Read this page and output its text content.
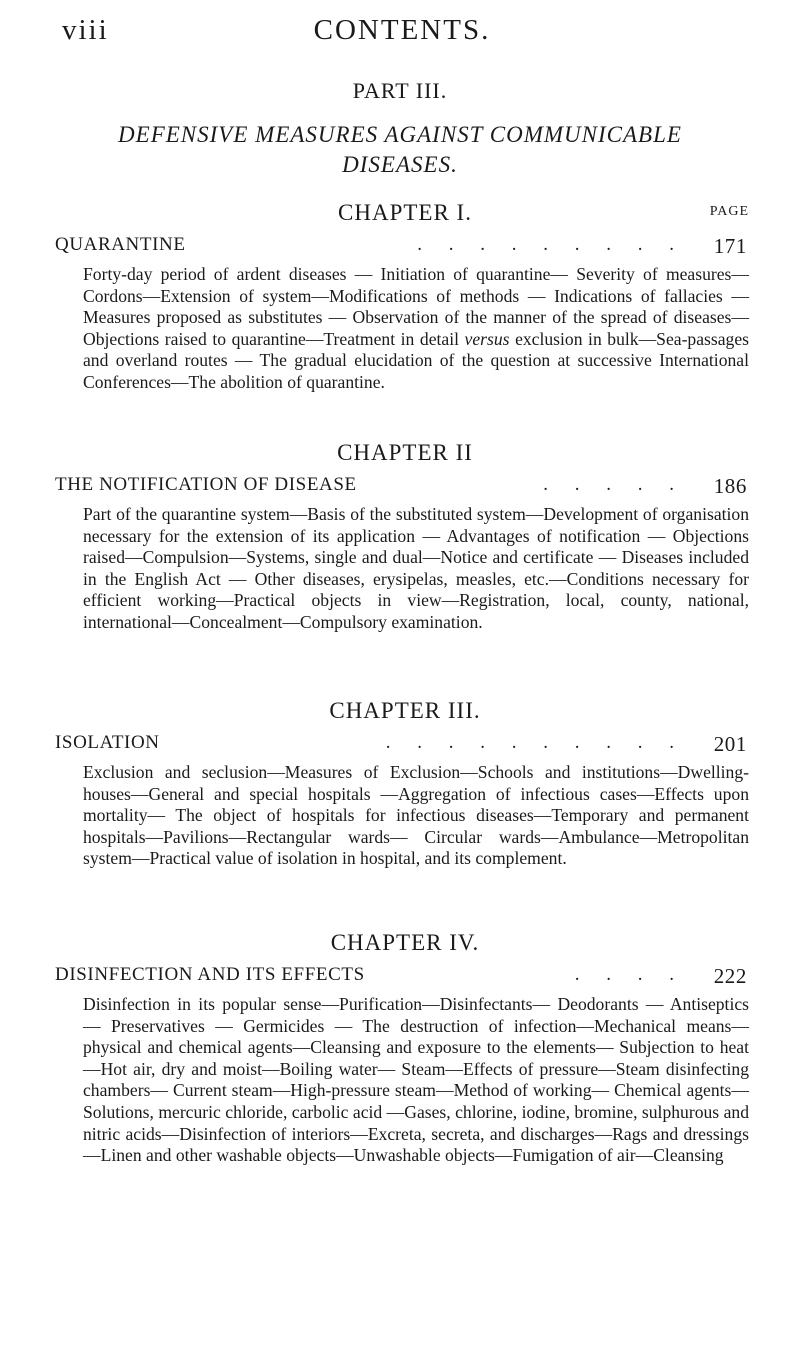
viii	CONTENTS.
PART III.
DEFENSIVE MEASURES AGAINST COMMUNICABLE
DISEASES.
CHAPTER I.	PAGE
QUARANTINE	. . . . . . . . . 171

Forty-day period of ardent diseases — Initiation of quarantine— Severity of measures—Cordons—Extension of system—Modifications of methods — Indications of fallacies — Measures proposed as substitutes — Observation of the manner of the spread of diseases—Objections raised to quarantine—Treatment in detail versus exclusion in bulk—Sea-passages and overland routes — The gradual elucidation of the question at successive International Conferences—The abolition of quarantine.

CHAPTER II
THE NOTIFICATION OF DISEASE	. . . . . 186

Part of the quarantine system—Basis of the substituted system—Development of organisation necessary for the extension of its application — Advantages of notification — Objections raised—Compulsion—Systems, single and dual—Notice and certificate — Diseases included in the English Act — Other diseases, erysipelas, measles, etc.—Conditions necessary for efficient working—Practical objects in view—Registration, local, county, national, international—Concealment—Compulsory examination.

CHAPTER III.
ISOLATION	. . . . . . . . . . 201

Exclusion and seclusion—Measures of Exclusion—Schools and institutions—Dwelling-houses—General and special hospitals —Aggregation of infectious cases—Effects upon mortality— The object of hospitals for infectious diseases—Temporary and permanent hospitals—Pavilions—Rectangular wards— Circular wards—Ambulance—Metropolitan system—Practical value of isolation in hospital, and its complement.

CHAPTER IV.
DISINFECTION AND ITS EFFECTS	. . . . 222

Disinfection in its popular sense—Purification—Disinfectants— Deodorants — Antiseptics — Preservatives — Germicides — The destruction of infection—Mechanical means—physical and chemical agents—Cleansing and exposure to the elements— Subjection to heat—Hot air, dry and moist—Boiling water— Steam—Effects of pressure—Steam disinfecting chambers— Current steam—High-pressure steam—Method of working— Chemical agents—Solutions, mercuric chloride, carbolic acid —Gases, chlorine, iodine, bromine, sulphurous and nitric acids—Disinfection of interiors—Excreta, secreta, and discharges—Rags and dressings—Linen and other washable objects—Unwashable objects—Fumigation of air—Cleansing
